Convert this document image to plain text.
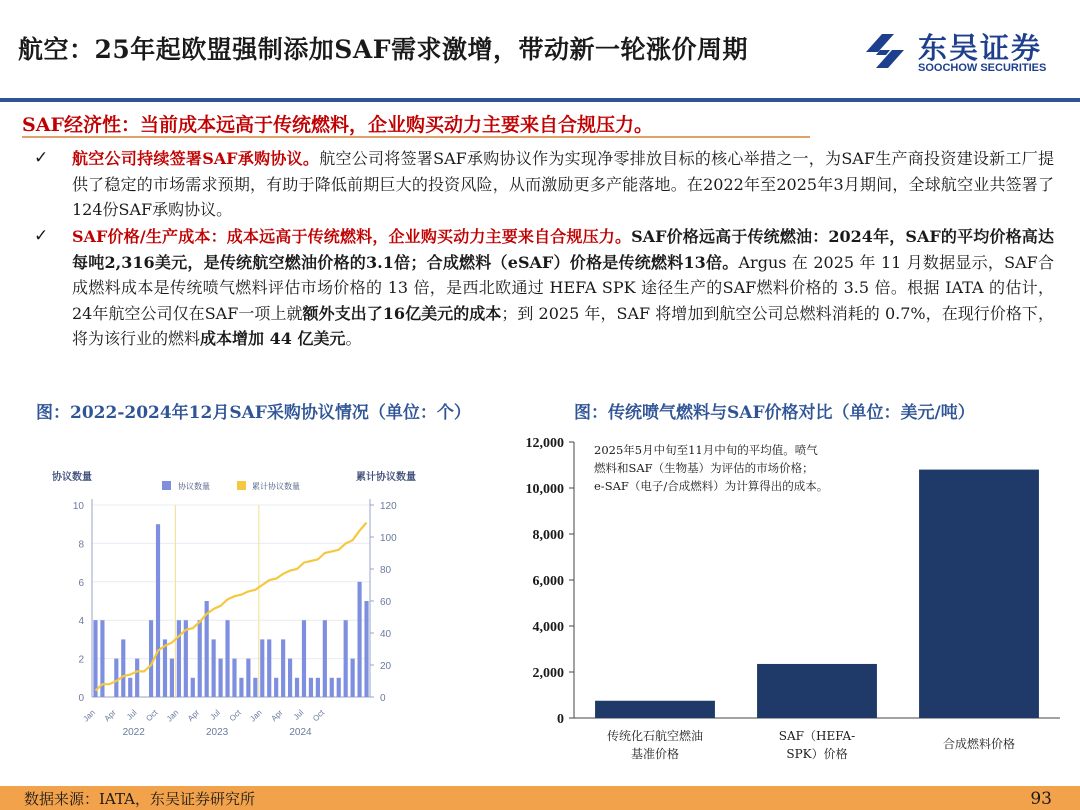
航空：25年起欧盟强制添加SAF需求激增，带动新一轮涨价周期	东吴证券
SOOCHOW SECURITIES
SAF经济性：当前成本远高于传统燃料，企业购买动力主要来自合规压力。
✓ 航空公司持续签署SAF承购协议。航空公司将签署SAF承购协议作为实现净零排放目标的核心举措之一，为SAF生产商投资建设新工厂提供了稳定的市场需求预期，有助于降低前期巨大的投资风险，从而激励更多产能落地。在2022年至2025年3月期间，全球航空业共签署了124份SAF承购协议。
✓ SAF价格/生产成本：成本远高于传统燃料，企业购买动力主要来自合规压力。SAF价格远高于传统燃油：2024年，SAF的平均价格高达每吨2,316美元，是传统航空燃油价格的3.1倍；合成燃料（eSAF）价格是传统燃料13倍。Argus 在 2025 年 11 月数据显示，SAF合成燃料成本是传统喷气燃料评估市场价格的 13 倍，是西北欧通过 HEFA SPK 途径生产的SAF燃料价格的 3.5 倍。根据 IATA 的估计，24年航空公司仅在SAF一项上就额外支出了16亿美元的成本；到 2025 年，SAF 将增加到航空公司总燃料消耗的 0.7%，在现行价格下，将为该行业的燃料成本增加 44 亿美元。
图：2022-2024年12月SAF采购协议情况（单位：个）	图：传统喷气燃料与SAF价格对比（单位：美元/吨）
0
2
4
6
8
10
0
20
40
60
80
100
120
协议数量	累计协议数量
协议数量	累计协议数量
Jan Apr Jul Oct Jan Apr Jul Oct Jan Apr Jul Oct
2022	2023	2024
0
2,000
4,000
6,000
8,000
10,000
12,000
传统化石航空燃油
基准价格
SAF（HEFA-
SPK）价格
合成燃料价格
2025年5月中旬至11月中旬的平均值。喷气
燃料和SAF（生物基）为评估的市场价格；
e-SAF（电子/合成燃料）为计算得出的成本。
数据来源：IATA，东吴证券研究所	93
